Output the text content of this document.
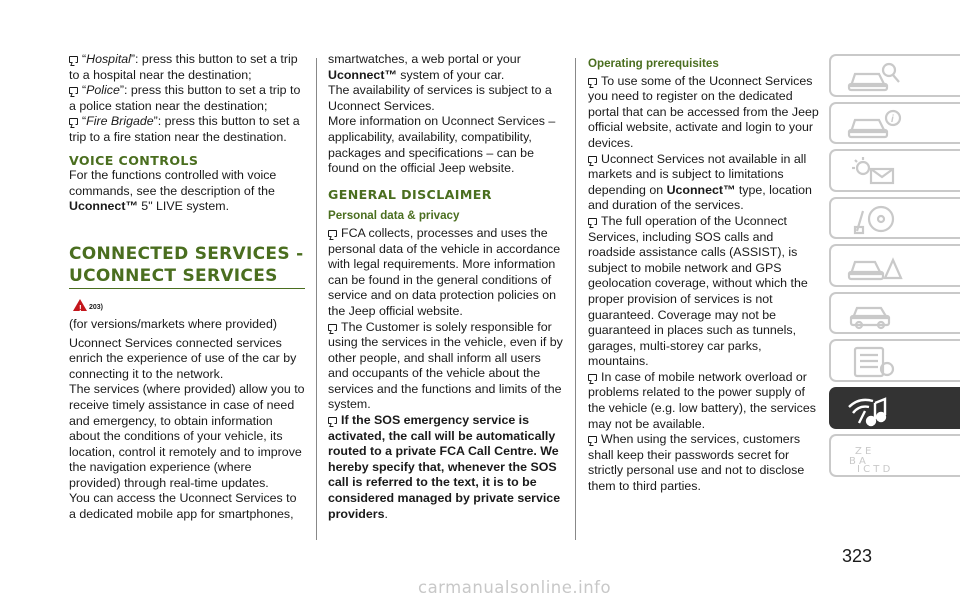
“Hospital”: press this button to set a trip to a hospital near the destination;

“Police”: press this button to set a trip to a police station near the destination;

“Fire Brigade”: press this button to set a trip to a fire station near the destination.

VOICE CONTROLS

For the functions controlled with voice commands, see the description of the Uconnect™ 5" LIVE system.

CONNECTED SERVICES -
UCONNECT SERVICES
! 203)

(for versions/markets where provided)

Uconnect Services connected services enrich the experience of use of the car by connecting it to the network.

The services (where provided) allow you to receive timely assistance in case of need and emergency, to obtain information about the conditions of your vehicle, its location, control it remotely and to improve the navigation experience (where provided) through real-time updates.

You can access the Uconnect Services to a dedicated mobile app for smartphones,

smartwatches, a web portal or your
Uconnect™ system of your car.

The availability of services is subject to a Uconnect Services.

More information on Uconnect Services – applicability, availability, compatibility, packages and specifications – can be found on the official Jeep website.

GENERAL DISCLAIMER
Personal data & privacy

FCA collects, processes and uses the personal data of the vehicle in accordance with legal requirements. More information can be found in the general conditions of service and on data protection policies on the Jeep official website.

The Customer is solely responsible for using the services in the vehicle, even if by other people, and shall inform all users and occupants of the vehicle about the services and the functions and limits of the system.

If the SOS emergency service is activated, the call will be automatically routed to a private FCA Call Centre. We hereby specify that, whenever the SOS call is referred to the text, it is to be considered managed by private service providers.

Operating prerequisites

To use some of the Uconnect Services you need to register on the dedicated portal that can be accessed from the Jeep official website, activate and login to your devices.

Uconnect Services not available in all markets and is subject to limitations depending on Uconnect™ type, location and duration of the services.

The full operation of the Uconnect Services, including SOS calls and roadside assistance calls (ASSIST), is subject to mobile network and GPS geolocation coverage, without which the proper provision of services is not guaranteed. Coverage may not be guaranteed in places such as tunnels, garages, multi-storey car parks, mountains.

In case of mobile network overload or problems related to the power supply of the vehicle (e.g. low battery), the services may not be available.

When using the services, customers shall keep their passwords secret for strictly personal use and not to disclose them to third parties.

i
Z E
B A
I C T D
323
carmanualsonline.info
